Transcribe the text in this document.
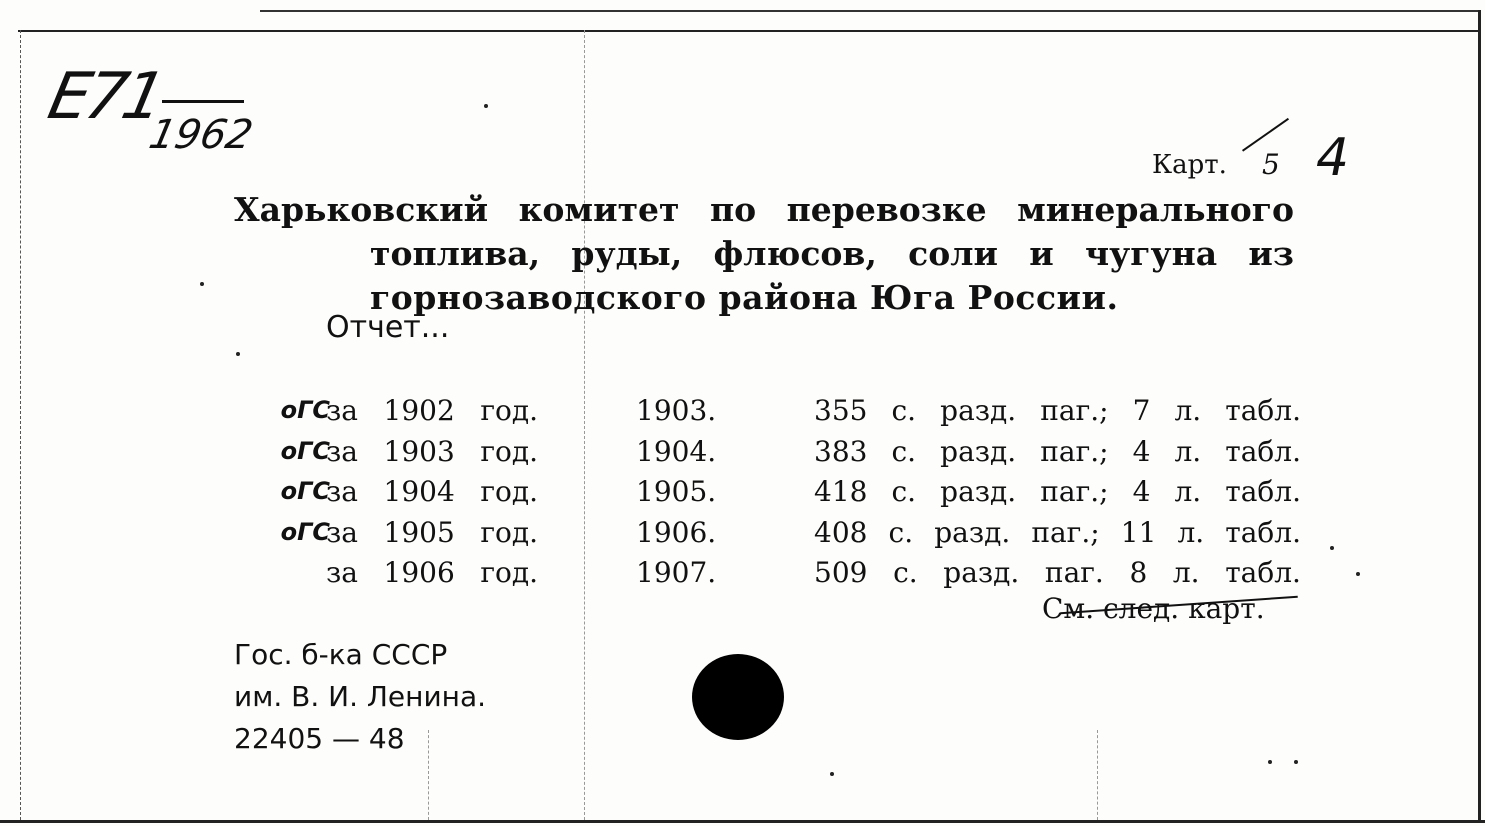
E71
1962
Карт. 5 4
Харьковский комитет по перевозке минерального
топлива, руды, флюсов, соли и чугуна из
горнозаводского района Юга России.
Отчет...
оГС
за 1902 год.	1903.	355 с. разд. паг.; 7 л. табл.
оГС
за 1903 год.	1904.	383 с. разд. паг.; 4 л. табл.
оГС
за 1904 год.	1905.	418 с. разд. паг.; 4 л. табл.
оГС
за 1905 год.	1906.	408 с. разд. паг.; 11 л. табл.
за 1906 год.	1907.	509 с. разд. паг. 8 л. табл.
См. след. карт.
Гос. б-ка СССР
им. В. И. Ленина.
22405 — 48
